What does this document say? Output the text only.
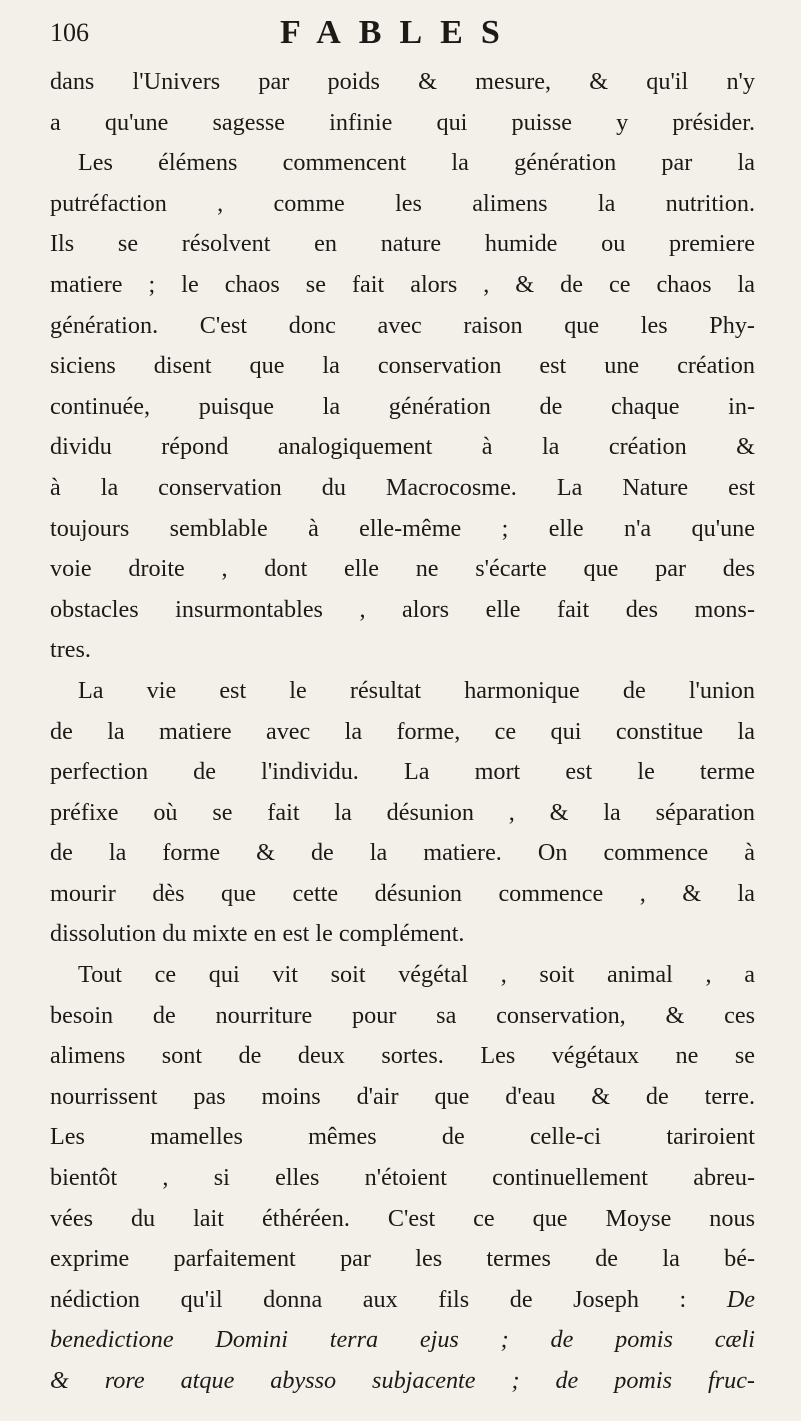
106	FABLES
dans l'Univers par poids & mesure, & qu'il n'y
a qu'une sagesse infinie qui puisse y présider.
Les élémens commencent la génération par la
putréfaction , comme les alimens la nutrition.
Ils se résolvent en nature humide ou premiere
matiere ; le chaos se fait alors , & de ce chaos la
génération. C'est donc avec raison que les Phy-
siciens disent que la conservation est une création
continuée, puisque la génération de chaque in-
dividu répond analogiquement à la création &
à la conservation du Macrocosme. La Nature est
toujours semblable à elle-même ; elle n'a qu'une
voie droite , dont elle ne s'écarte que par des
obstacles insurmontables , alors elle fait des mons-
tres.
La vie est le résultat harmonique de l'union
de la matiere avec la forme, ce qui constitue la
perfection de l'individu. La mort est le terme
préfixe où se fait la désunion , & la séparation
de la forme & de la matiere. On commence à
mourir dès que cette désunion commence , & la
dissolution du mixte en est le complément.
Tout ce qui vit soit végétal , soit animal , a
besoin de nourriture pour sa conservation, & ces
alimens sont de deux sortes. Les végétaux ne se
nourrissent pas moins d'air que d'eau & de terre.
Les mamelles mêmes de celle-ci tariroient
bientôt , si elles n'étoient continuellement abreu-
vées du lait éthéréen. C'est ce que Moyse nous
exprime parfaitement par les termes de la bé-
nédiction qu'il donna aux fils de Joseph : De
benedictione Domini terra ejus ; de pomis cæli
& rore atque abysso subjacente ; de pomis fruc-
